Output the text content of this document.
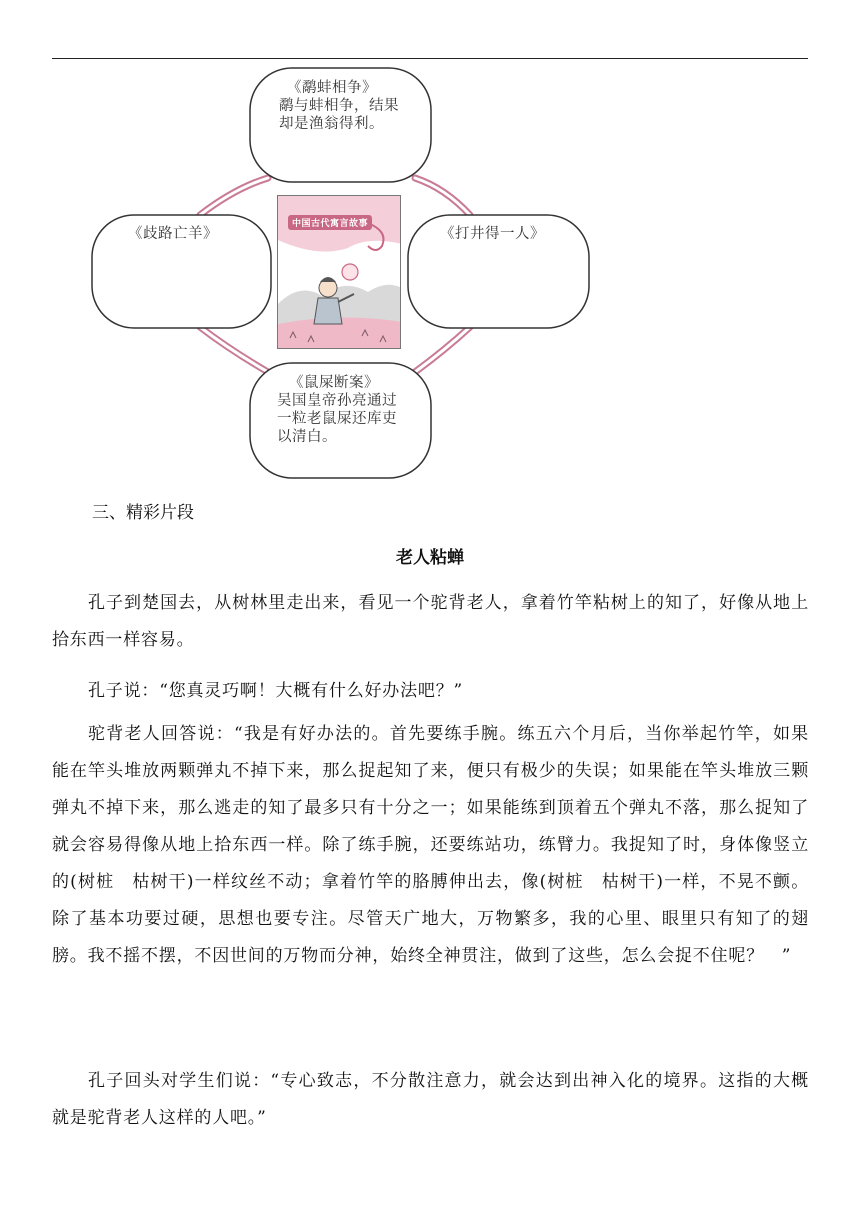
《鹬蚌相争》
鹬与蚌相争，结果
却是渔翁得利。
《歧路亡羊》	《打井得一人》
《鼠屎断案》
吴国皇帝孙亮通过
一粒老鼠屎还库吏
以清白。
中国古代寓言故事
三、精彩片段
老人粘蝉

孔子到楚国去，从树林里走出来，看见一个驼背老人，拿着竹竿粘树上的知了，好像从地上拾东西一样容易。

孔子说：“您真灵巧啊！大概有什么好办法吧？”

驼背老人回答说：“我是有好办法的。首先要练手腕。练五六个月后，当你举起竹竿，如果能在竿头堆放两颗弹丸不掉下来，那么捉起知了来，便只有极少的失误；如果能在竿头堆放三颗弹丸不掉下来，那么逃走的知了最多只有十分之一；如果能练到顶着五个弹丸不落，那么捉知了就会容易得像从地上拾东西一样。除了练手腕，还要练站功，练臂力。我捉知了时，身体像竖立的(树桩　枯树干)一样纹丝不动；拿着竹竿的胳膊伸出去，像(树桩　枯树干)一样，不晃不颤。除了基本功要过硬，思想也要专注。尽管天广地大，万物繁多，我的心里、眼里只有知了的翅膀。我不摇不摆，不因世间的万物而分神，始终全神贯注，做到了这些，怎么会捉不住呢？　”

孔子回头对学生们说：“专心致志，不分散注意力，就会达到出神入化的境界。这指的大概就是驼背老人这样的人吧。”
